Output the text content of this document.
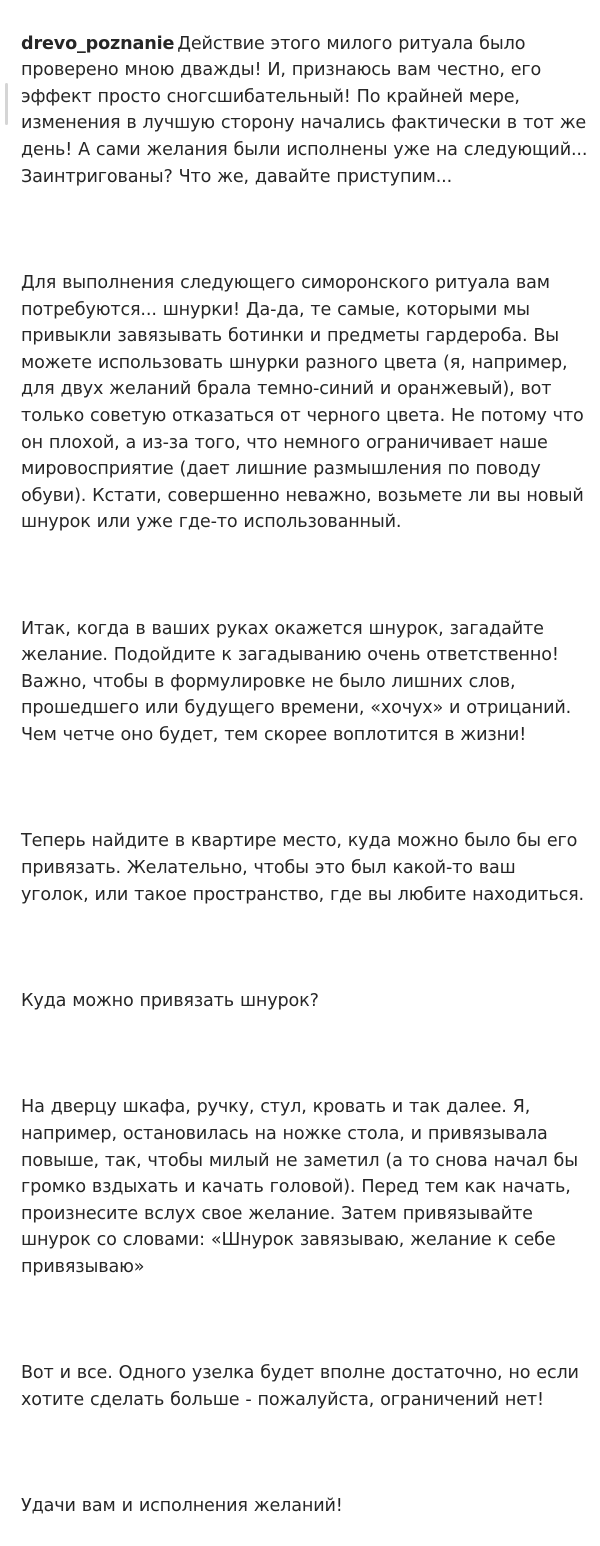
drevo_poznanie Действие этого милого ритуала было
проверено мною дважды! И, признаюсь вам честно, его
эффект просто сногсшибательный! По крайней мере,
изменения в лучшую сторону начались фактически в тот же
день! А сами желания были исполнены уже на следующий...
Заинтригованы? Что же, давайте приступим...

Для выполнения следующего симоронского ритуала вам
потребуются... шнурки! Да-да, те самые, которыми мы
привыкли завязывать ботинки и предметы гардероба. Вы
можете использовать шнурки разного цвета (я, например,
для двух желаний брала темно-синий и оранжевый), вот
только советую отказаться от черного цвета. Не потому что
он плохой, а из-за того, что немного ограничивает наше
мировосприятие (дает лишние размышления по поводу
обуви). Кстати, совершенно неважно, возьмете ли вы новый
шнурок или уже где-то использованный.

Итак, когда в ваших руках окажется шнурок, загадайте
желание. Подойдите к загадыванию очень ответственно!
Важно, чтобы в формулировке не было лишних слов,
прошедшего или будущего времени, «хочух» и отрицаний.
Чем четче оно будет, тем скорее воплотится в жизни!

Теперь найдите в квартире место, куда можно было бы его
привязать. Желательно, чтобы это был какой-то ваш
уголок, или такое пространство, где вы любите находиться.

Куда можно привязать шнурок?

На дверцу шкафа, ручку, стул, кровать и так далее. Я,
например, остановилась на ножке стола, и привязывала
повыше, так, чтобы милый не заметил (а то снова начал бы
громко вздыхать и качать головой). Перед тем как начать,
произнесите вслух свое желание. Затем привязывайте
шнурок со словами: «Шнурок завязываю, желание к себе
привязываю»

Вот и все. Одного узелка будет вполне достаточно, но если
хотите сделать больше - пожалуйста, ограничений нет!

Удачи вам и исполнения желаний!
